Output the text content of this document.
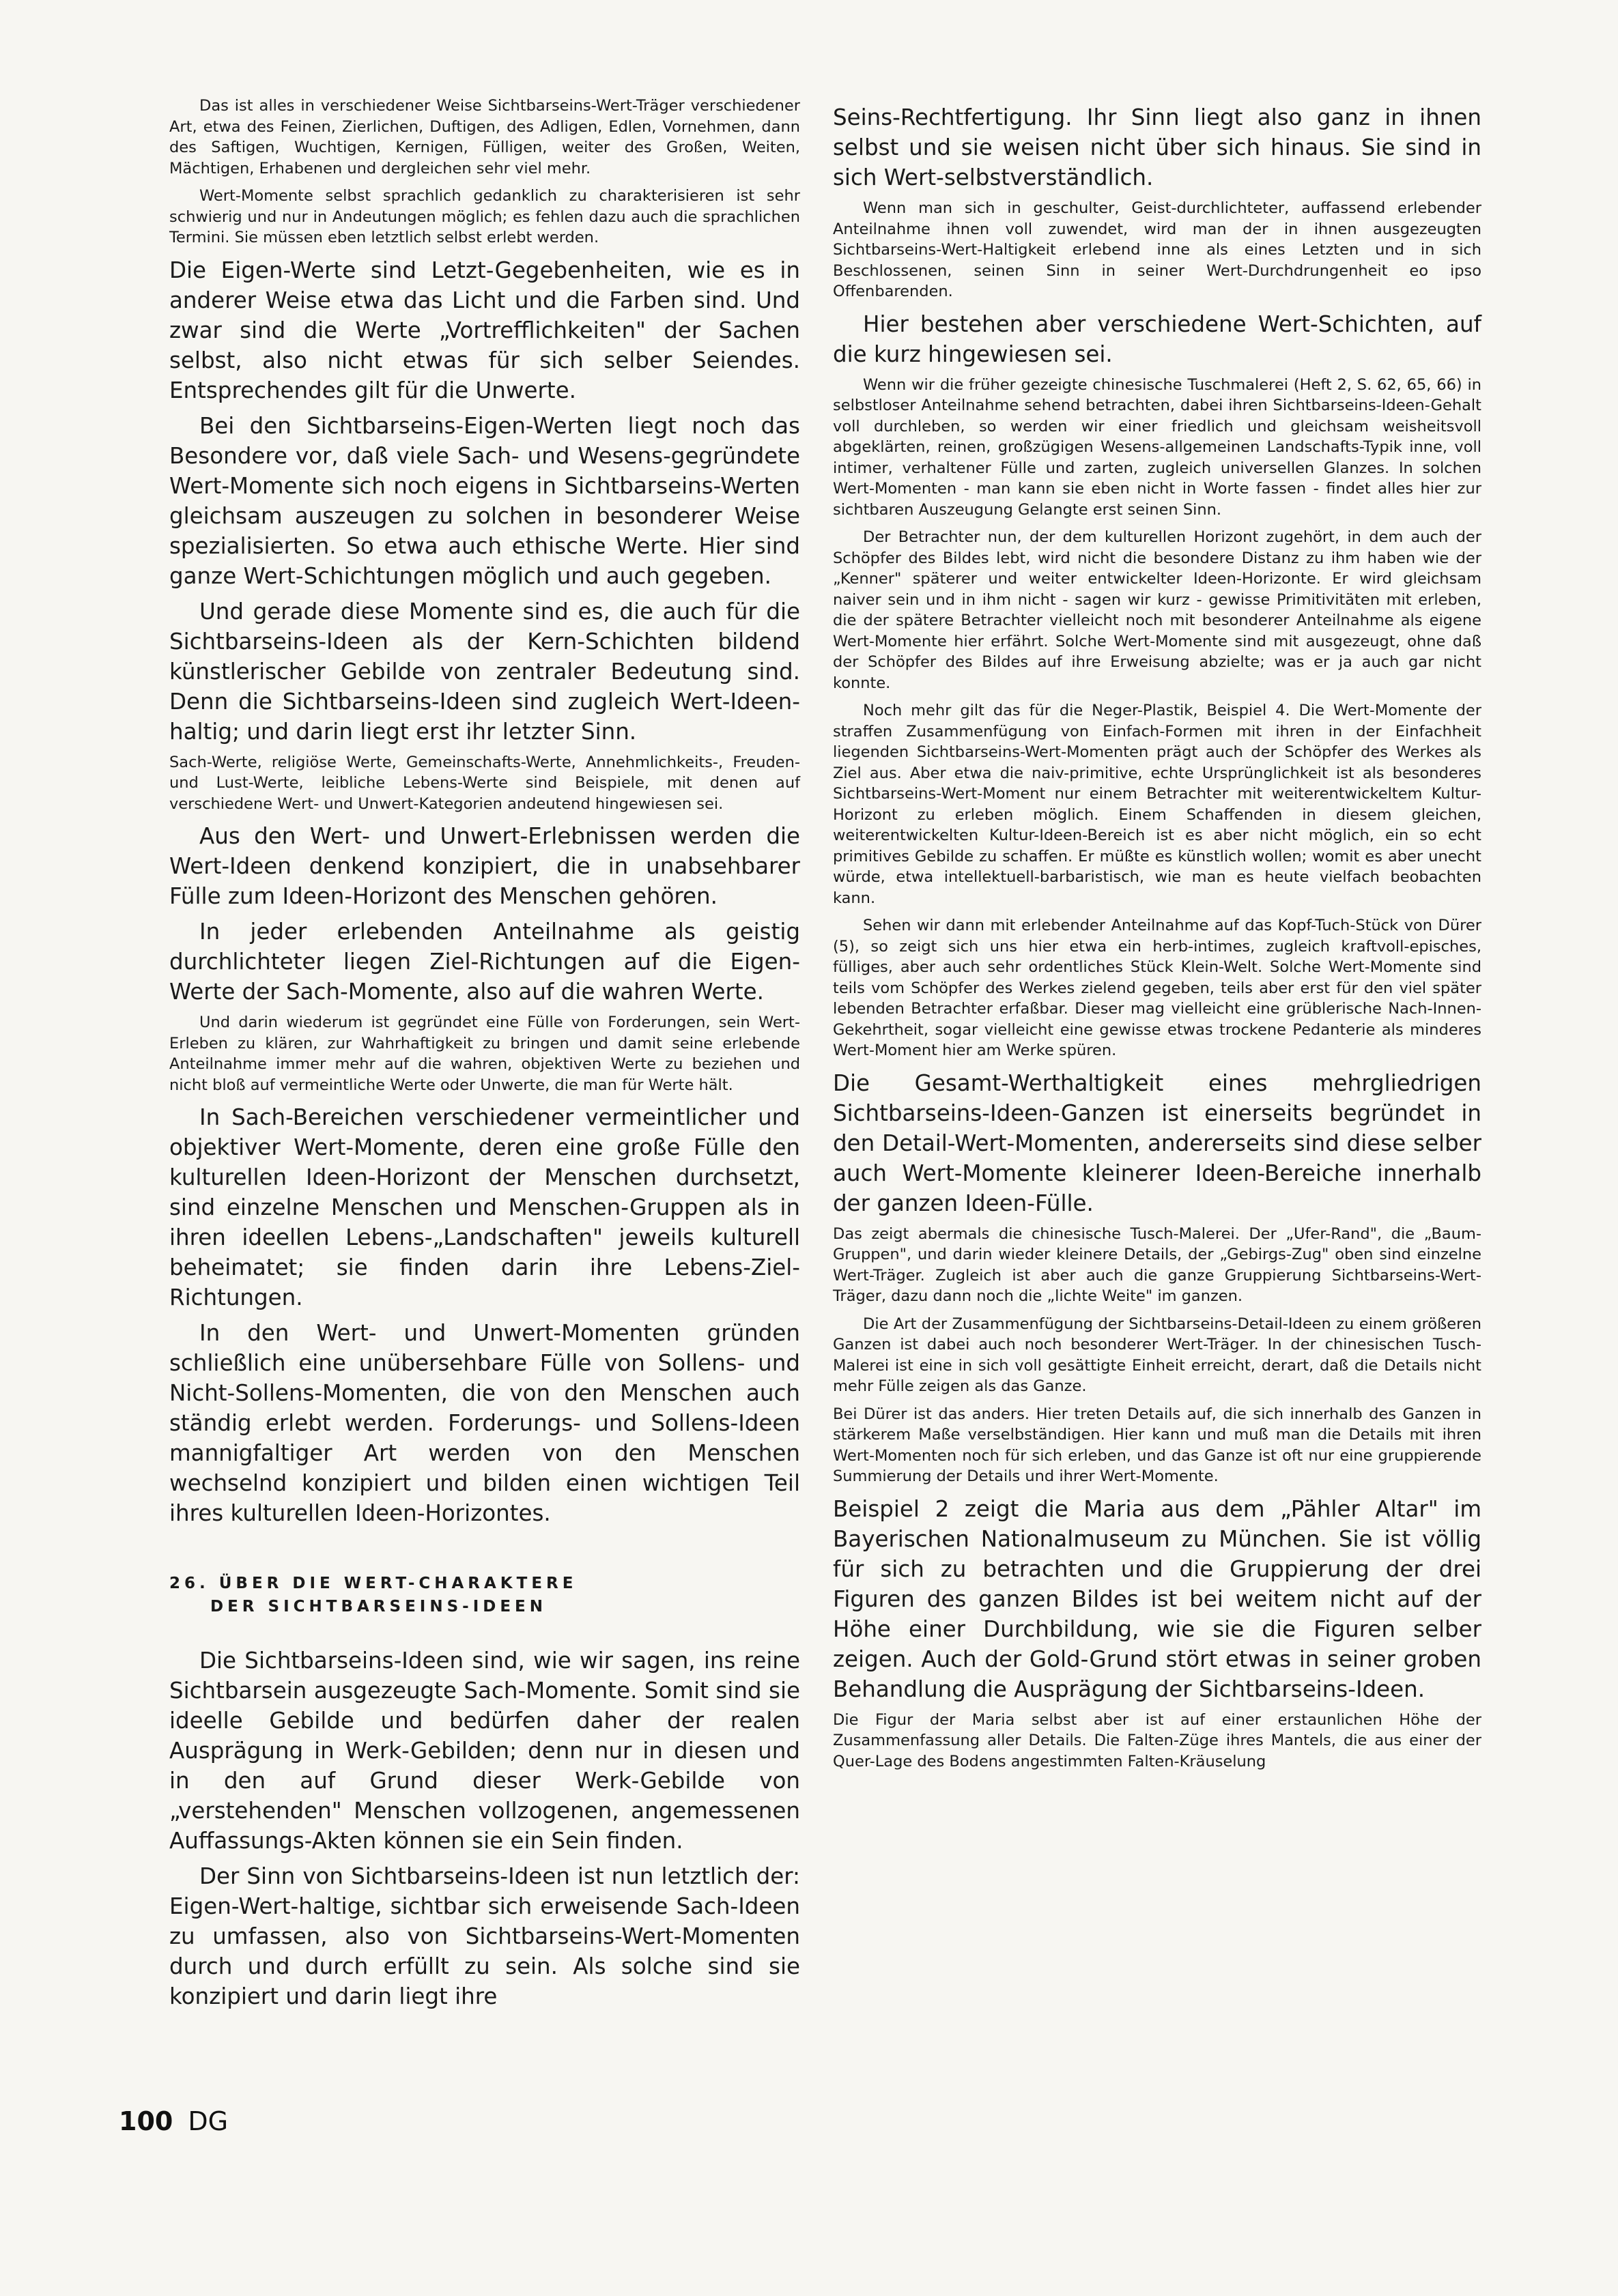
Das ist alles in verschiedener Weise Sichtbarseins-Wert-Träger verschiedener Art, etwa des Feinen, Zierlichen, Duftigen, des Adligen, Edlen, Vornehmen, dann des Saftigen, Wuchtigen, Kernigen, Fülligen, weiter des Großen, Weiten, Mächtigen, Erhabenen und dergleichen sehr viel mehr.

Wert-Momente selbst sprachlich gedanklich zu charakterisieren ist sehr schwierig und nur in Andeutungen möglich; es fehlen dazu auch die sprachlichen Termini. Sie müssen eben letztlich selbst erlebt werden.

Die Eigen-Werte sind Letzt-Gegebenheiten, wie es in anderer Weise etwa das Licht und die Farben sind. Und zwar sind die Werte „Vortrefflichkeiten" der Sachen selbst, also nicht etwas für sich selber Seiendes. Entsprechendes gilt für die Unwerte.

Bei den Sichtbarseins-Eigen-Werten liegt noch das Besondere vor, daß viele Sach- und Wesens-gegründete Wert-Momente sich noch eigens in Sichtbarseins-Werten gleichsam auszeugen zu solchen in besonderer Weise spezialisierten. So etwa auch ethische Werte. Hier sind ganze Wert-Schichtungen möglich und auch gegeben.

Und gerade diese Momente sind es, die auch für die Sichtbarseins-Ideen als der Kern-Schichten bildend künstlerischer Gebilde von zentraler Bedeutung sind. Denn die Sichtbarseins-Ideen sind zugleich Wert-Ideen-haltig; und darin liegt erst ihr letzter Sinn.

Sach-Werte, religiöse Werte, Gemeinschafts-Werte, Annehmlichkeits-, Freuden- und Lust-Werte, leibliche Lebens-Werte sind Beispiele, mit denen auf verschiedene Wert- und Unwert-Kategorien andeutend hingewiesen sei.

Aus den Wert- und Unwert-Erlebnissen werden die Wert-Ideen denkend konzipiert, die in unabsehbarer Fülle zum Ideen-Horizont des Menschen gehören.

In jeder erlebenden Anteilnahme als geistig durchlichteter liegen Ziel-Richtungen auf die Eigen-Werte der Sach-Momente, also auf die wahren Werte.

Und darin wiederum ist gegründet eine Fülle von Forderungen, sein Wert-Erleben zu klären, zur Wahrhaftigkeit zu bringen und damit seine erlebende Anteilnahme immer mehr auf die wahren, objektiven Werte zu beziehen und nicht bloß auf vermeintliche Werte oder Unwerte, die man für Werte hält.

In Sach-Bereichen verschiedener vermeintlicher und objektiver Wert-Momente, deren eine große Fülle den kulturellen Ideen-Horizont der Menschen durchsetzt, sind einzelne Menschen und Menschen-Gruppen als in ihren ideellen Lebens-„Landschaften" jeweils kulturell beheimatet; sie finden darin ihre Lebens-Ziel-Richtungen.

In den Wert- und Unwert-Momenten gründen schließlich eine unübersehbare Fülle von Sollens- und Nicht-Sollens-Momenten, die von den Menschen auch ständig erlebt werden. Forderungs- und Sollens-Ideen mannigfaltiger Art werden von den Menschen wechselnd konzipiert und bilden einen wichtigen Teil ihres kulturellen Ideen-Horizontes.

26. ÜBER DIE WERT-CHARAKTERE
DER SICHTBARSEINS-IDEEN

Die Sichtbarseins-Ideen sind, wie wir sagen, ins reine Sichtbarsein ausgezeugte Sach-Momente. Somit sind sie ideelle Gebilde und bedürfen daher der realen Ausprägung in Werk-Gebilden; denn nur in diesen und in den auf Grund dieser Werk-Gebilde von „verstehenden" Menschen vollzogenen, angemessenen Auffassungs-Akten können sie ein Sein finden.

Der Sinn von Sichtbarseins-Ideen ist nun letztlich der: Eigen-Wert-haltige, sichtbar sich erweisende Sach-Ideen zu umfassen, also von Sichtbarseins-Wert-Momenten durch und durch erfüllt zu sein. Als solche sind sie konzipiert und darin liegt ihre

Seins-Rechtfertigung. Ihr Sinn liegt also ganz in ihnen selbst und sie weisen nicht über sich hinaus. Sie sind in sich Wert-selbstverständlich.

Wenn man sich in geschulter, Geist-durchlichteter, auffassend erlebender Anteilnahme ihnen voll zuwendet, wird man der in ihnen ausgezeugten Sichtbarseins-Wert-Haltigkeit erlebend inne als eines Letzten und in sich Beschlossenen, seinen Sinn in seiner Wert-Durchdrungenheit eo ipso Offenbarenden.

Hier bestehen aber verschiedene Wert-Schichten, auf die kurz hingewiesen sei.

Wenn wir die früher gezeigte chinesische Tuschmalerei (Heft 2, S. 62, 65, 66) in selbstloser Anteilnahme sehend betrachten, dabei ihren Sichtbarseins-Ideen-Gehalt voll durchleben, so werden wir einer friedlich und gleichsam weisheitsvoll abgeklärten, reinen, großzügigen Wesens-allgemeinen Landschafts-Typik inne, voll intimer, verhaltener Fülle und zarten, zugleich universellen Glanzes. In solchen Wert-Momenten - man kann sie eben nicht in Worte fassen - findet alles hier zur sichtbaren Auszeugung Gelangte erst seinen Sinn.

Der Betrachter nun, der dem kulturellen Horizont zugehört, in dem auch der Schöpfer des Bildes lebt, wird nicht die besondere Distanz zu ihm haben wie der „Kenner" späterer und weiter entwickelter Ideen-Horizonte. Er wird gleichsam naiver sein und in ihm nicht - sagen wir kurz - gewisse Primitivitäten mit erleben, die der spätere Betrachter vielleicht noch mit besonderer Anteilnahme als eigene Wert-Momente hier erfährt. Solche Wert-Momente sind mit ausgezeugt, ohne daß der Schöpfer des Bildes auf ihre Erweisung abzielte; was er ja auch gar nicht konnte.

Noch mehr gilt das für die Neger-Plastik, Beispiel 4. Die Wert-Momente der straffen Zusammenfügung von Einfach-Formen mit ihren in der Einfachheit liegenden Sichtbarseins-Wert-Momenten prägt auch der Schöpfer des Werkes als Ziel aus. Aber etwa die naiv-primitive, echte Ursprünglichkeit ist als besonderes Sichtbarseins-Wert-Moment nur einem Betrachter mit weiterentwickeltem Kultur-Horizont zu erleben möglich. Einem Schaffenden in diesem gleichen, weiterentwickelten Kultur-Ideen-Bereich ist es aber nicht möglich, ein so echt primitives Gebilde zu schaffen. Er müßte es künstlich wollen; womit es aber unecht würde, etwa intellektuell-barbaristisch, wie man es heute vielfach beobachten kann.

Sehen wir dann mit erlebender Anteilnahme auf das Kopf-Tuch-Stück von Dürer (5), so zeigt sich uns hier etwa ein herb-intimes, zugleich kraftvoll-episches, fülliges, aber auch sehr ordentliches Stück Klein-Welt. Solche Wert-Momente sind teils vom Schöpfer des Werkes zielend gegeben, teils aber erst für den viel später lebenden Betrachter erfaßbar. Dieser mag vielleicht eine grüblerische Nach-Innen-Gekehrtheit, sogar vielleicht eine gewisse etwas trockene Pedanterie als minderes Wert-Moment hier am Werke spüren.

Die Gesamt-Werthaltigkeit eines mehrgliedrigen Sichtbarseins-Ideen-Ganzen ist einerseits begründet in den Detail-Wert-Momenten, andererseits sind diese selber auch Wert-Momente kleinerer Ideen-Bereiche innerhalb der ganzen Ideen-Fülle.

Das zeigt abermals die chinesische Tusch-Malerei. Der „Ufer-Rand", die „Baum-Gruppen", und darin wieder kleinere Details, der „Gebirgs-Zug" oben sind einzelne Wert-Träger. Zugleich ist aber auch die ganze Gruppierung Sichtbarseins-Wert-Träger, dazu dann noch die „lichte Weite" im ganzen.

Die Art der Zusammenfügung der Sichtbarseins-Detail-Ideen zu einem größeren Ganzen ist dabei auch noch besonderer Wert-Träger. In der chinesischen Tusch-Malerei ist eine in sich voll gesättigte Einheit erreicht, derart, daß die Details nicht mehr Fülle zeigen als das Ganze.

Bei Dürer ist das anders. Hier treten Details auf, die sich innerhalb des Ganzen in stärkerem Maße verselbständigen. Hier kann und muß man die Details mit ihren Wert-Momenten noch für sich erleben, und das Ganze ist oft nur eine gruppierende Summierung der Details und ihrer Wert-Momente.

Beispiel 2 zeigt die Maria aus dem „Pähler Altar" im Bayerischen Nationalmuseum zu München. Sie ist völlig für sich zu betrachten und die Gruppierung der drei Figuren des ganzen Bildes ist bei weitem nicht auf der Höhe einer Durchbildung, wie sie die Figuren selber zeigen. Auch der Gold-Grund stört etwas in seiner groben Behandlung die Ausprägung der Sichtbarseins-Ideen.

Die Figur der Maria selbst aber ist auf einer erstaunlichen Höhe der Zusammenfassung aller Details. Die Falten-Züge ihres Mantels, die aus einer der Quer-Lage des Bodens angestimmten Falten-Kräuselung

100 DG
